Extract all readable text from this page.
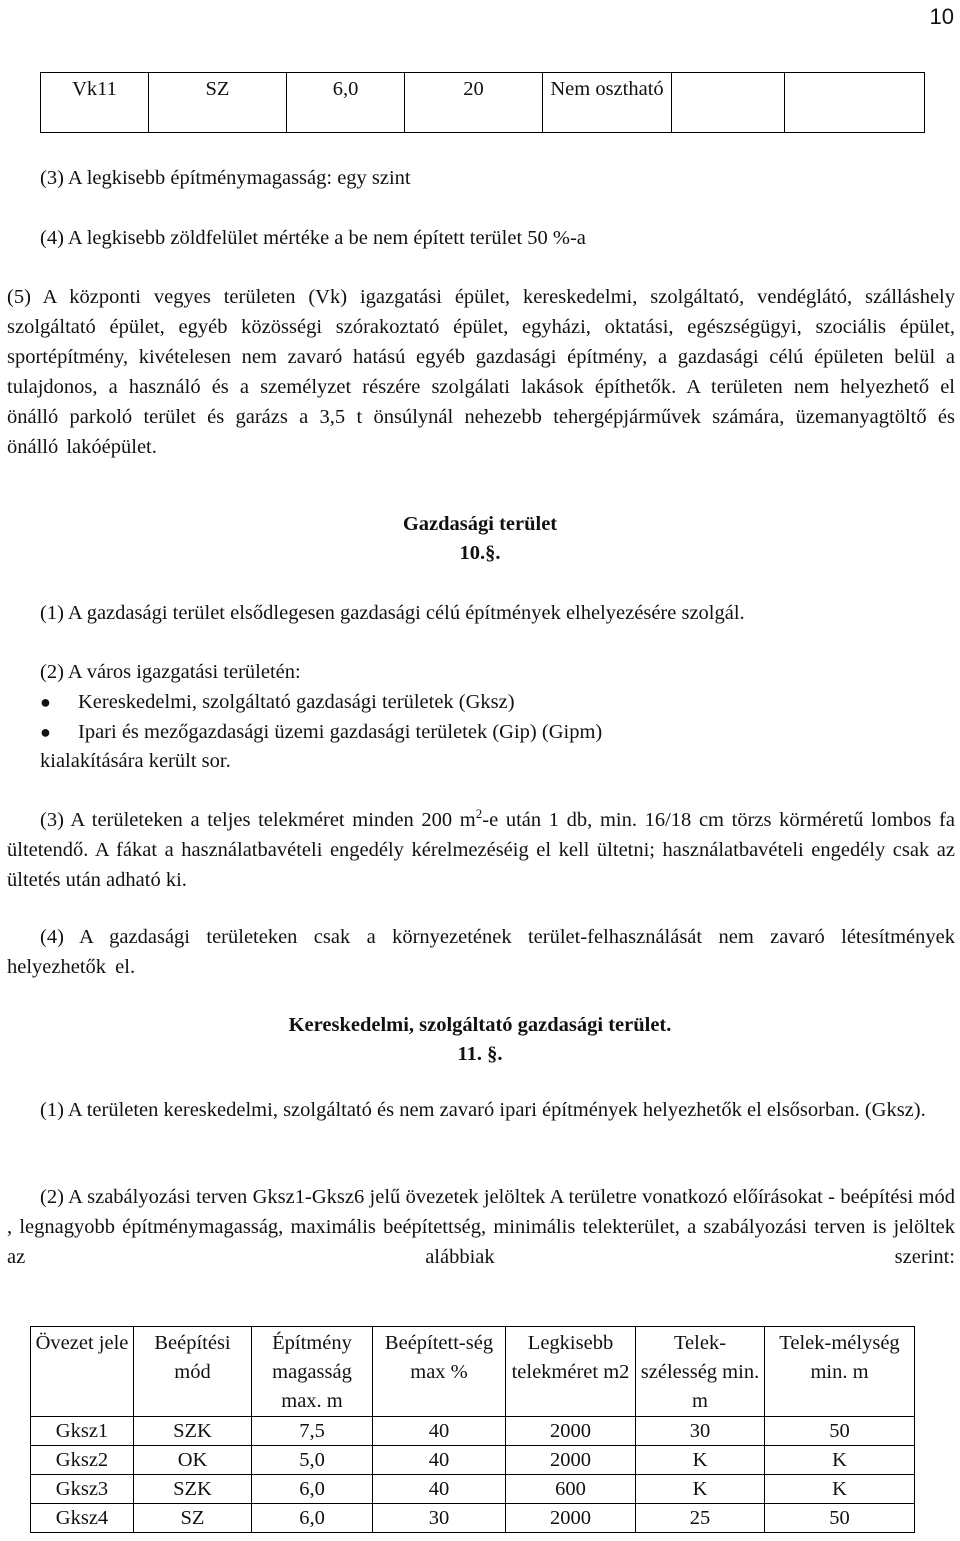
10
Vk11	SZ	6,0	20	Nem osztható		

(3) A legkisebb építménymagasság: egy szint

(4) A legkisebb zöldfelület mértéke a be nem épített terület 50 %-a

(5) A központi vegyes területen (Vk) igazgatási épület, kereskedelmi, szolgáltató, vendéglátó, szálláshely szolgáltató épület, egyéb közösségi szórakoztató épület, egyházi, oktatási, egészségügyi, szociális épület, sportépítmény, kivételesen nem zavaró hatású egyéb gazdasági építmény, a gazdasági célú épületen belül a tulajdonos, a használó és a személyzet részére szolgálati lakások építhetők. A területen nem helyezhető el önálló parkoló terület és garázs a 3,5 t önsúlynál nehezebb tehergépjárművek számára, üzemanyagtöltő és önálló lakóépület.

Gazdasági terület

10.§.

(1) A gazdasági terület elsődlegesen gazdasági célú építmények elhelyezésére szolgál.

(2) A város igazgatási területén:

● Kereskedelmi, szolgáltató gazdasági területek (Gksz)
● Ipari és mezőgazdasági üzemi gazdasági területek (Gip) (Gipm)

kialakítására került sor.

(3) A területeken a teljes telekméret minden 200 $m^2-e$ után 1 db, min. 16/18 cm törzs körméretű lombos fa ültetendő. A fákat a használatbavételi engedély kérelmezéséig el kell ültetni; használatbavételi engedély csak az ültetés után adható ki.

(4) A gazdasági területeken csak a környezetének terület-felhasználását nem zavaró létesítmények helyezhetők el.

Kereskedelmi, szolgáltató gazdasági terület.

11. §.

(1) A területen kereskedelmi, szolgáltató és nem zavaró ipari építmények helyezhetők el elsősorban. (Gksz).

(2) A szabályozási terven Gksz1-Gksz6 jelű övezetek jelöltek A területre vonatkozó előírásokat - beépítési mód , legnagyobb építménymagasság, maximális beépítettség, minimális telekterület, a szabályozási terven is jelöltek az alábbiak szerint:

Övezet jele	Beépítési mód	Építmény magasság max. m	Beépített-ség max %	Legkisebb telekméret m2	Telek-szélesség min. m	Telek-mélység min. m
Gksz1	SZK	7,5	40	2000	30	50
Gksz2	OK	5,0	40	2000	K	K
Gksz3	SZK	6,0	40	600	K	K
Gksz4	SZ	6,0	30	2000	25	50
